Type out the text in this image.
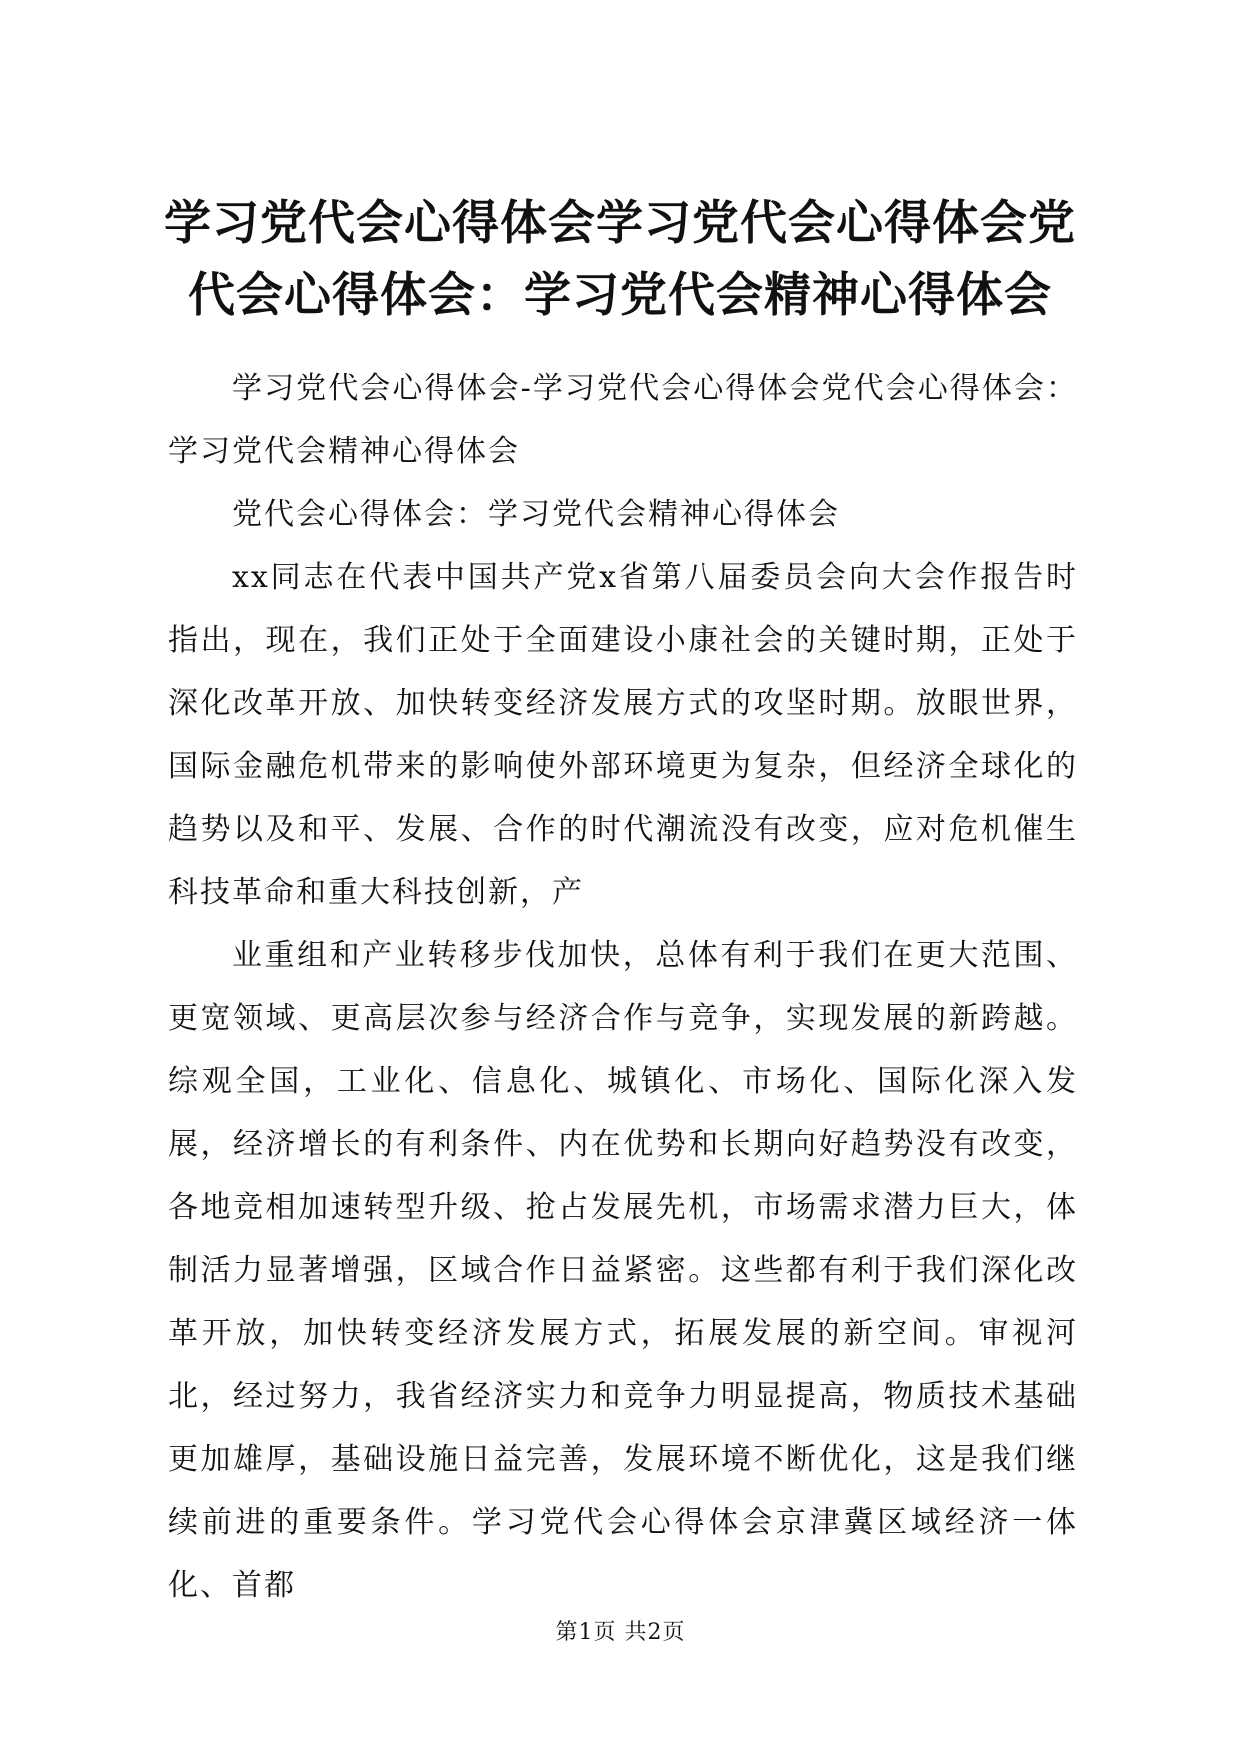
学习党代会心得体会学习党代会心得体会党代会心得体会：学习党代会精神心得体会

学习党代会心得体会-学习党代会心得体会党代会心得体会：学习党代会精神心得体会

党代会心得体会：学习党代会精神心得体会

xx同志在代表中国共产党x省第八届委员会向大会作报告时指出，现在，我们正处于全面建设小康社会的关键时期，正处于深化改革开放、加快转变经济发展方式的攻坚时期。放眼世界，国际金融危机带来的影响使外部环境更为复杂，但经济全球化的趋势以及和平、发展、合作的时代潮流没有改变，应对危机催生科技革命和重大科技创新，产

业重组和产业转移步伐加快，总体有利于我们在更大范围、更宽领域、更高层次参与经济合作与竞争，实现发展的新跨越。综观全国，工业化、信息化、城镇化、市场化、国际化深入发展，经济增长的有利条件、内在优势和长期向好趋势没有改变，各地竞相加速转型升级、抢占发展先机，市场需求潜力巨大，体制活力显著增强，区域合作日益紧密。这些都有利于我们深化改革开放，加快转变经济发展方式，拓展发展的新空间。审视河北，经过努力，我省经济实力和竞争力明显提高，物质技术基础更加雄厚，基础设施日益完善，发展环境不断优化，这是我们继续前进的重要条件。学习党代会心得体会京津冀区域经济一体化、首都

第1页 共2页
